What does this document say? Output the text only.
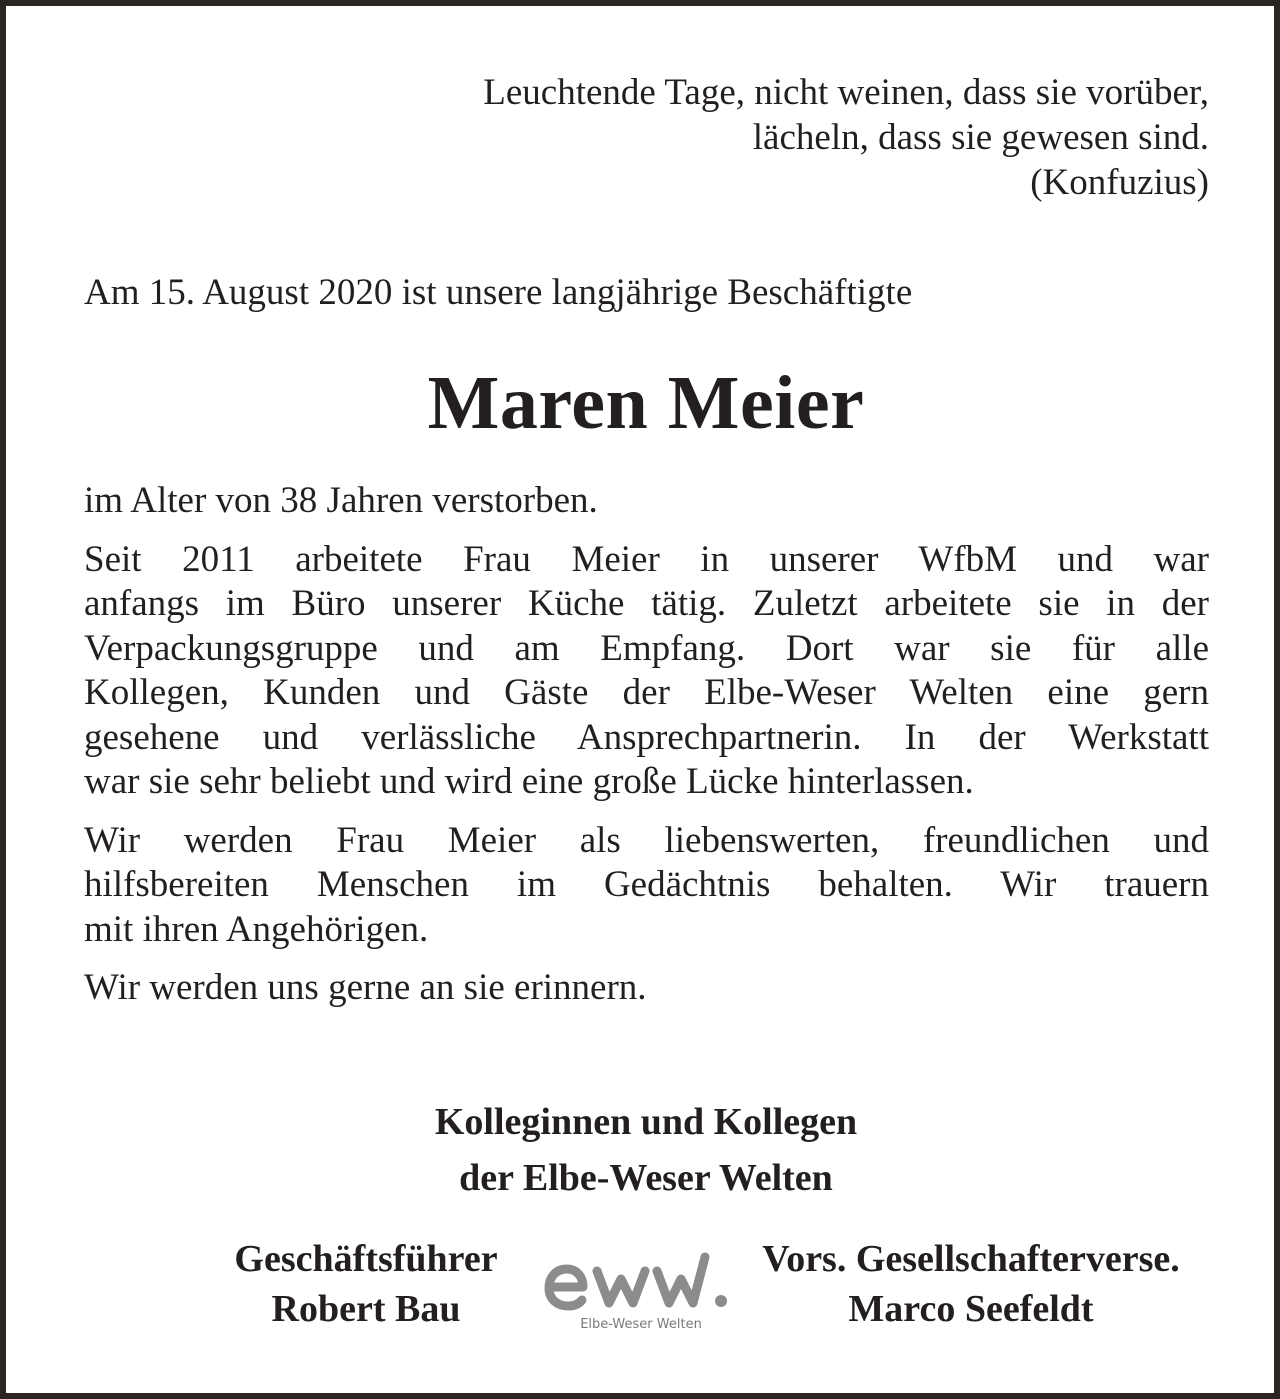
Leuchtende Tage, nicht weinen, dass sie vorüber,
lächeln, dass sie gewesen sind.
(Konfuzius)
Am 15. August 2020 ist unsere langjährige Beschäftigte
Maren Meier

im Alter von 38 Jahren verstorben.

Seit 2011 arbeitete Frau Meier in unserer WfbM und war
anfangs im Büro unserer Küche tätig. Zuletzt arbeitete sie in der
Verpackungsgruppe und am Empfang. Dort war sie für alle
Kollegen, Kunden und Gäste der Elbe-Weser Welten eine gern
gesehene und verlässliche Ansprechpartnerin. In der Werkstatt
war sie sehr beliebt und wird eine große Lücke hinterlassen.

Wir werden Frau Meier als liebenswerten, freundlichen und
hilfsbereiten Menschen im Gedächtnis behalten. Wir trauern
mit ihren Angehörigen.

Wir werden uns gerne an sie erinnern.

Kolleginnen und Kollegen
der Elbe-Weser Welten
Geschäftsführer
Robert Bau	Elbe-Weser Welten
Vors. Gesellschafterverse.
Marco Seefeldt
